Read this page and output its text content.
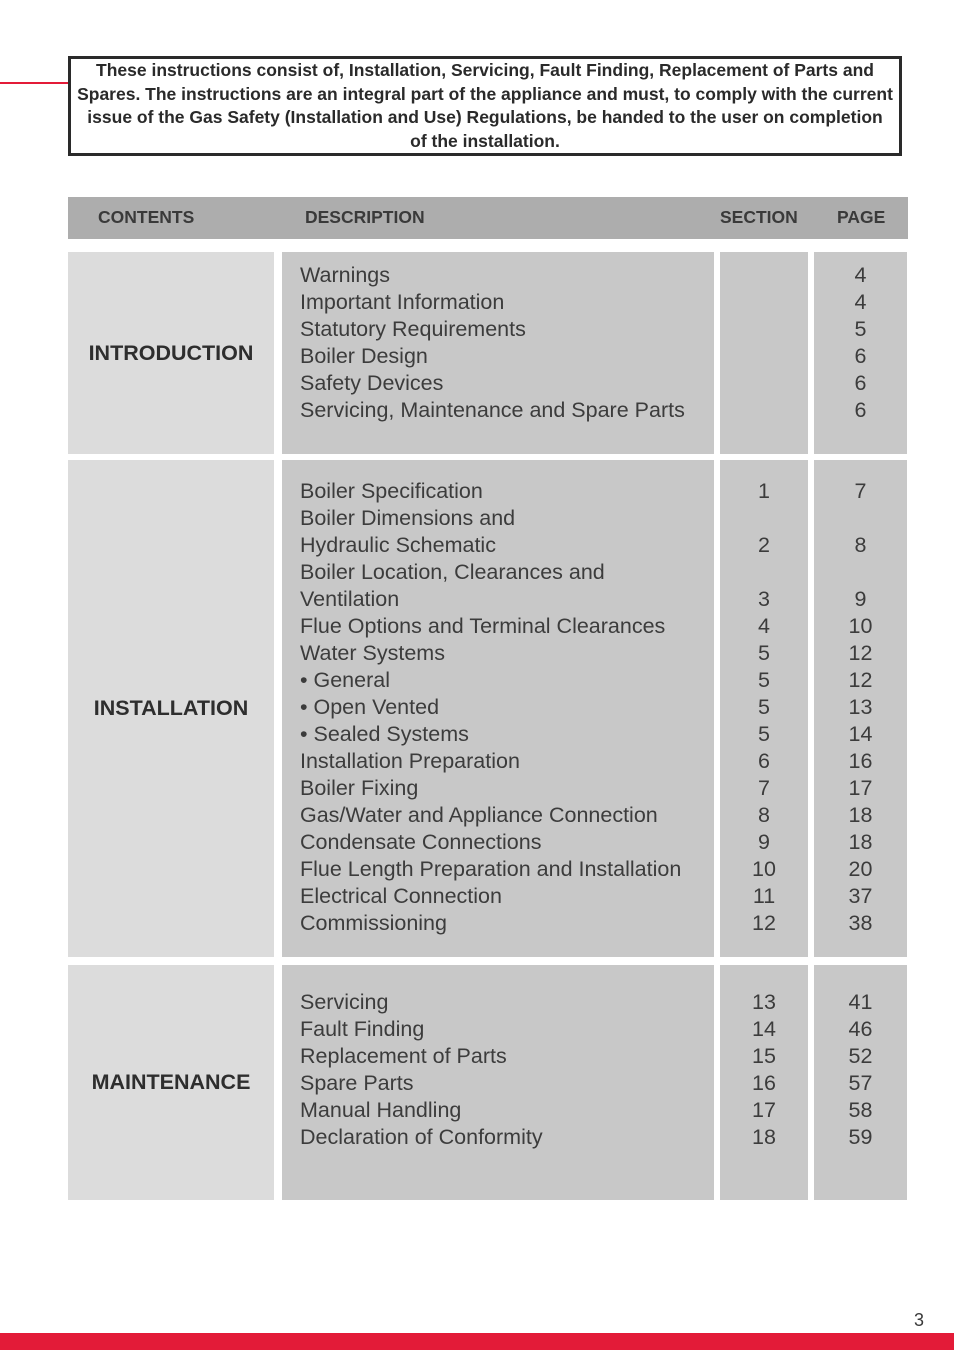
These instructions consist of, Installation, Servicing, Fault Finding, Replacement of Parts and Spares. The instructions are an integral part of the appliance and must, to comply with the current issue of the Gas Safety (Installation and Use) Regulations, be handed to the user on completion of the installation.
CONTENTS	DESCRIPTION	SECTION PAGE
INTRODUCTION
Warnings
Important Information
Statutory Requirements
Boiler Design
Safety Devices
Servicing, Maintenance and Spare Parts
4
4
5
6
6
6
INSTALLATION
Boiler Specification
Boiler Dimensions and
Hydraulic Schematic
Boiler Location, Clearances and
Ventilation
Flue Options and Terminal Clearances
Water Systems
• General
• Open Vented
• Sealed Systems
Installation Preparation
Boiler Fixing
Gas/Water and Appliance Connection
Condensate Connections
Flue Length Preparation and Installation
Electrical Connection
Commissioning
1
2
3
4
5
5
5
5
6
7
8
9
10
11
12
7
8
9
10
12
12
13
14
16
17
18
18
20
37
38
MAINTENANCE
Servicing
Fault Finding
Replacement of Parts
Spare Parts
Manual Handling
Declaration of Conformity
13
14
15
16
17
18
41
46
52
57
58
59
3
